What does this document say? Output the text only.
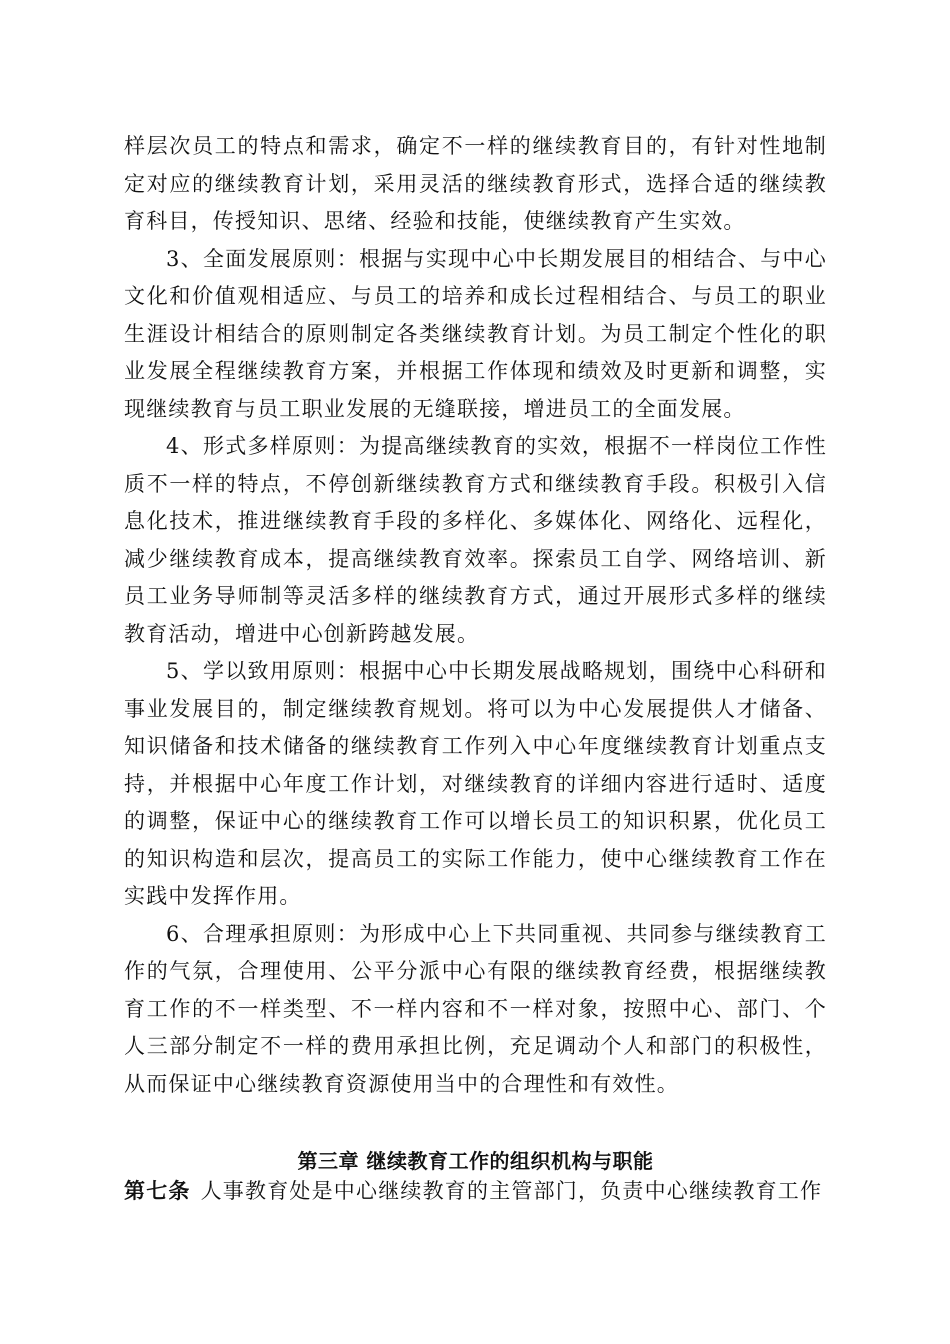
样层次员工的特点和需求，确定不一样的继续教育目的，有针对性地制定对应的继续教育计划，采用灵活的继续教育形式，选择合适的继续教育科目，传授知识、思绪、经验和技能，使继续教育产生实效。

3、全面发展原则：根据与实现中心中长期发展目的相结合、与中心文化和价值观相适应、与员工的培养和成长过程相结合、与员工的职业生涯设计相结合的原则制定各类继续教育计划。为员工制定个性化的职业发展全程继续教育方案，并根据工作体现和绩效及时更新和调整，实现继续教育与员工职业发展的无缝联接，增进员工的全面发展。

4、形式多样原则：为提高继续教育的实效，根据不一样岗位工作性质不一样的特点，不停创新继续教育方式和继续教育手段。积极引入信息化技术，推进继续教育手段的多样化、多媒体化、网络化、远程化，减少继续教育成本，提高继续教育效率。探索员工自学、网络培训、新员工业务导师制等灵活多样的继续教育方式，通过开展形式多样的继续教育活动，增进中心创新跨越发展。

5、学以致用原则：根据中心中长期发展战略规划，围绕中心科研和事业发展目的，制定继续教育规划。将可以为中心发展提供人才储备、知识储备和技术储备的继续教育工作列入中心年度继续教育计划重点支持，并根据中心年度工作计划，对继续教育的详细内容进行适时、适度的调整，保证中心的继续教育工作可以增长员工的知识积累，优化员工的知识构造和层次，提高员工的实际工作能力，使中心继续教育工作在实践中发挥作用。

6、合理承担原则：为形成中心上下共同重视、共同参与继续教育工作的气氛，合理使用、公平分派中心有限的继续教育经费，根据继续教育工作的不一样类型、不一样内容和不一样对象，按照中心、部门、个人三部分制定不一样的费用承担比例，充足调动个人和部门的积极性，从而保证中心继续教育资源使用当中的合理性和有效性。

第三章 继续教育工作的组织机构与职能

第七条 人事教育处是中心继续教育的主管部门，负责中心继续教育工作
